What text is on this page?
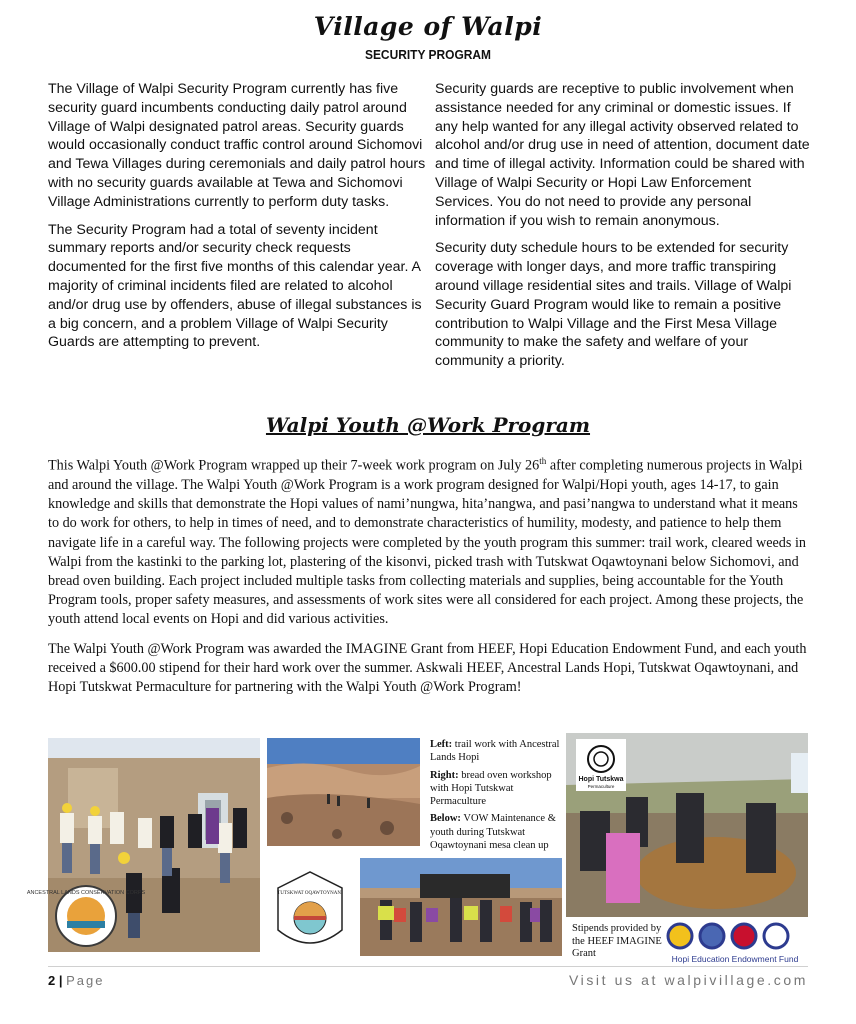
Village of Walpi
SECURITY PROGRAM

The Village of Walpi Security Program currently has five security guard incumbents conducting daily patrol around Village of Walpi designated patrol areas. Security guards would occasionally conduct traffic control around Sichomovi and Tewa Villages during ceremonials and daily patrol hours with no security guards available at Tewa and Sichomovi Village Administrations currently to perform duty tasks.

The Security Program had a total of seventy incident summary reports and/or security check requests documented for the first five months of this calendar year. A majority of criminal incidents filed are related to alcohol and/or drug use by offenders, abuse of illegal substances is a big concern, and a problem Village of Walpi Security Guards are attempting to prevent.

Security guards are receptive to public involvement when assistance needed for any criminal or domestic issues. If any help wanted for any illegal activity observed related to alcohol and/or drug use in need of attention, document date and time of illegal activity. Information could be shared with Village of Walpi Security or Hopi Law Enforcement Services. You do not need to provide any personal information if you wish to remain anonymous.

Security duty schedule hours to be extended for security coverage with longer days, and more traffic transpiring around village residential sites and trails. Village of Walpi Security Guard Program would like to remain a positive contribution to Walpi Village and the First Mesa Village community to make the safety and welfare of your community a priority.

Walpi Youth @Work Program

This Walpi Youth @Work Program wrapped up their 7-week work program on July 26th after completing numerous projects in Walpi and around the village. The Walpi Youth @Work Program is a work program designed for Walpi/Hopi youth, ages 14-17, to gain knowledge and skills that demonstrate the Hopi values of nami’nungwa, hita’nangwa, and pasi’nangwa to understand what it means to do work for others, to help in times of need, and to demonstrate characteristics of humility, modesty, and patience to help them navigate life in a careful way. The following projects were completed by the youth program this summer: trail work, cleared weeds in Walpi from the kastinki to the parking lot, plastering of the kisonvi, picked trash with Tutskwat Oqawtoynani below Sichomovi, and bread oven building. Each project included multiple tasks from collecting materials and supplies, being accountable for the Youth Program tools, proper safety measures, and assessments of work sites were all considered for each project. Among these projects, the youth attend local events on Hopi and did various activities.

The Walpi Youth @Work Program was awarded the IMAGINE Grant from HEEF, Hopi Education Endowment Fund, and each youth received a $600.00 stipend for their hard work over the summer. Askwali HEEF, Ancestral Lands Hopi, Tutskwat Oqawtoynani, and Hopi Tutskwat Permaculture for partnering with the Walpi Youth @Work Program!

ANCESTRAL LANDS CONSERVATION CORPS

Left: trail work with Ancestral Lands Hopi

Right: bread oven workshop with Hopi Tutskwat Permaculture

Below: VOW Maintenance & youth during Tutskwat Oqawtoynani mesa clean up

TUTSKWAT OQAWTOYNANI
Hopi Tutskwa
Permaculture
Stipends provided by the HEEF IMAGINE Grant	Hopi Education Endowment Fund
2 | Page	Visit us at walpivillage.com
